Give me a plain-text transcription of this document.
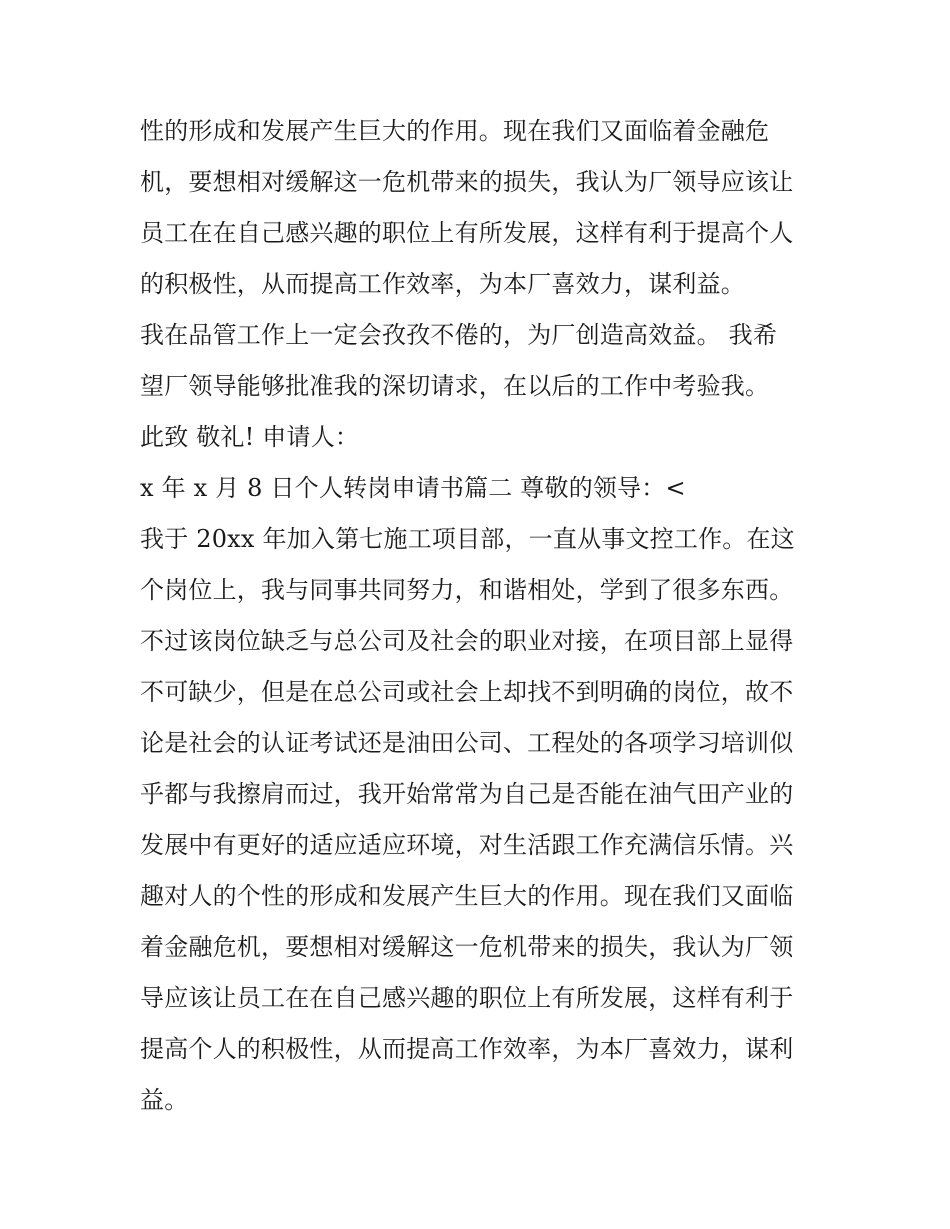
性的形成和发展产生巨大的作用。现在我们又面临着金融危
机，要想相对缓解这一危机带来的损失，我认为厂领导应该让
员工在在自己感兴趣的职位上有所发展，这样有利于提高个人
的积极性，从而提高工作效率，为本厂喜效力，谋利益。
我在品管工作上一定会孜孜不倦的，为厂创造高效益。 我希
望厂领导能够批准我的深切请求，在以后的工作中考验我。
此致 敬礼! 申请人：
x 年 x 月 8 日个人转岗申请书篇二 尊敬的领导：<
我于 20xx 年加入第七施工项目部，一直从事文控工作。在这
个岗位上，我与同事共同努力，和谐相处，学到了很多东西。
不过该岗位缺乏与总公司及社会的职业对接，在项目部上显得
不可缺少，但是在总公司或社会上却找不到明确的岗位，故不
论是社会的认证考试还是油田公司、工程处的各项学习培训似
乎都与我擦肩而过，我开始常常为自己是否能在油气田产业的
发展中有更好的适应适应环境，对生活跟工作充满信乐情。兴
趣对人的个性的形成和发展产生巨大的作用。现在我们又面临
着金融危机，要想相对缓解这一危机带来的损失，我认为厂领
导应该让员工在在自己感兴趣的职位上有所发展，这样有利于
提高个人的积极性，从而提高工作效率，为本厂喜效力，谋利
益。
